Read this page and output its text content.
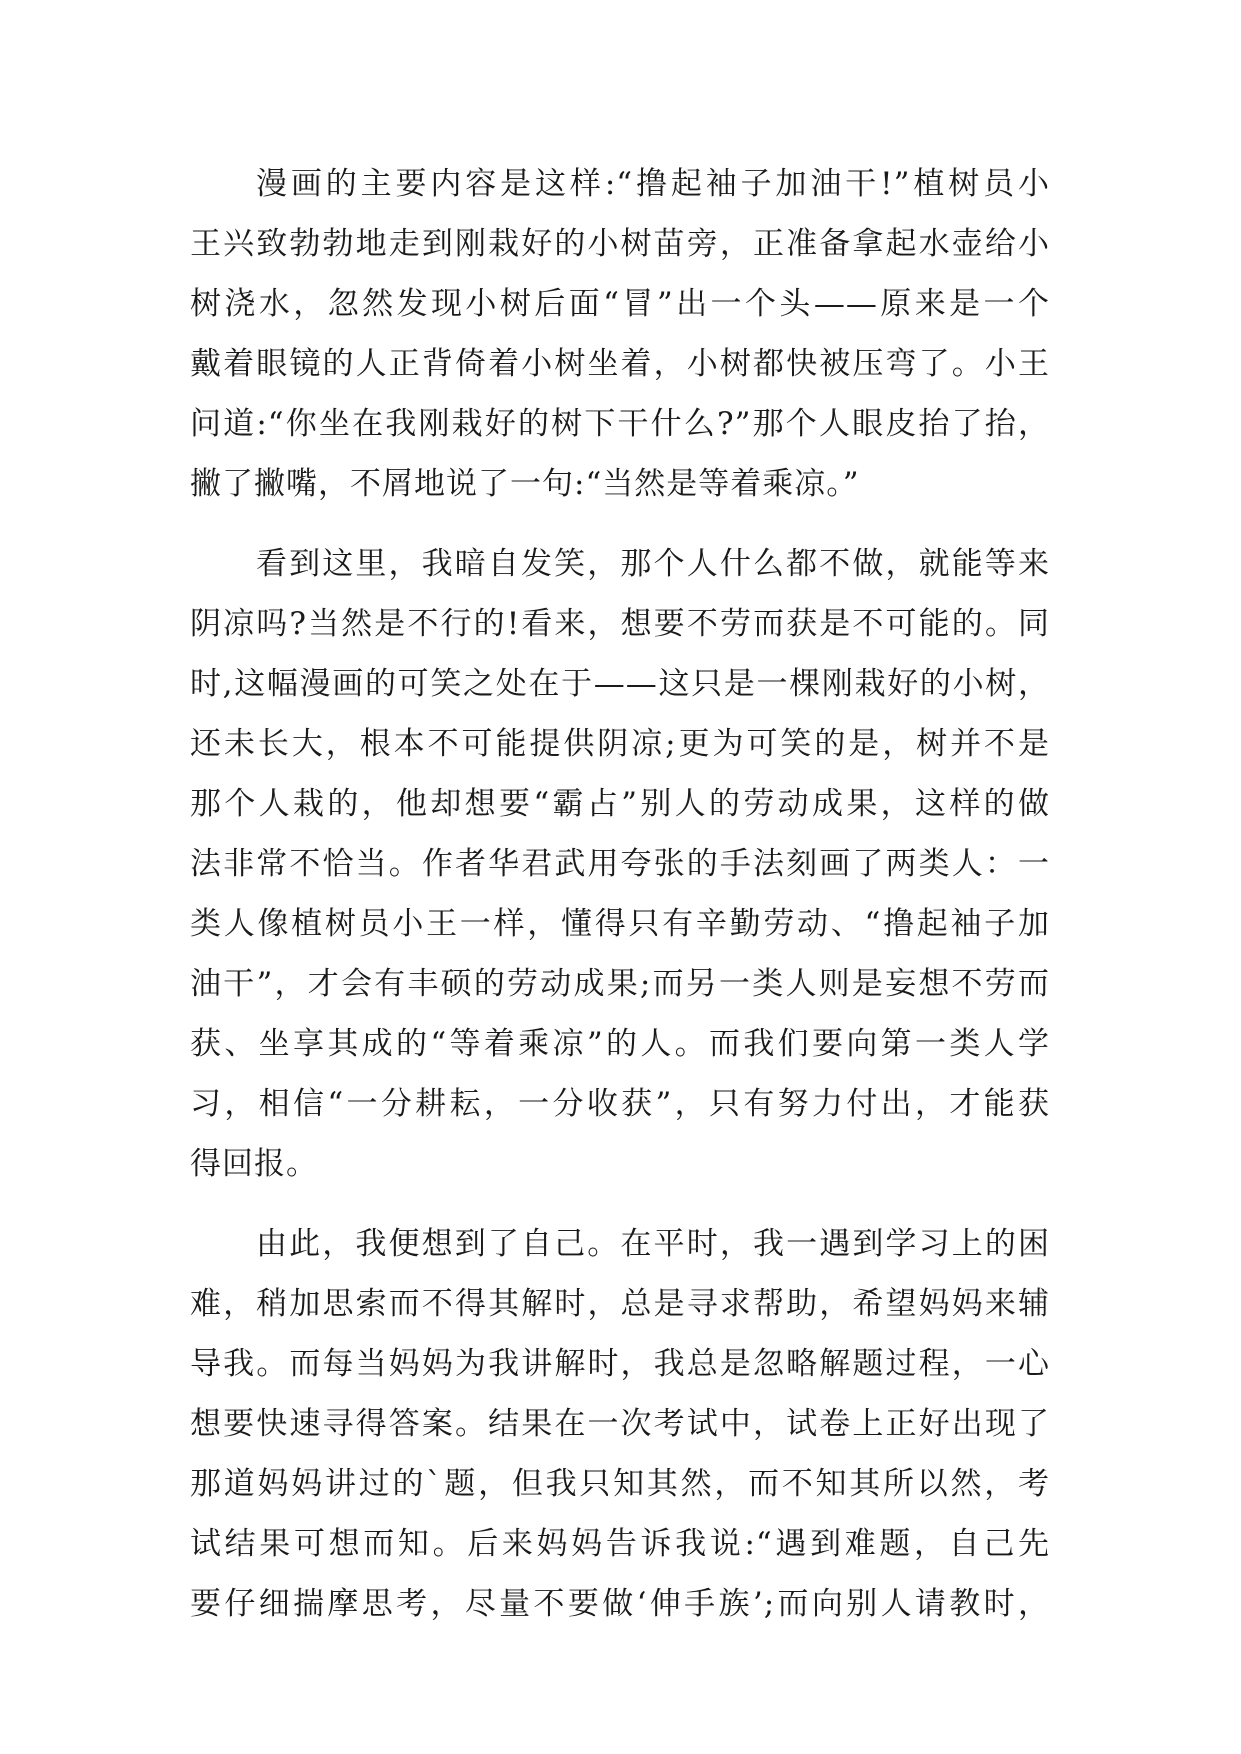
漫画的主要内容是这样:“撸起袖子加油干!”植树员小
王兴致勃勃地走到刚栽好的小树苗旁，正准备拿起水壶给小
树浇水，忽然发现小树后面“冒”出一个头——原来是一个
戴着眼镜的人正背倚着小树坐着，小树都快被压弯了。小王
问道:“你坐在我刚栽好的树下干什么?”那个人眼皮抬了抬，
撇了撇嘴，不屑地说了一句:“当然是等着乘凉。”
看到这里，我暗自发笑，那个人什么都不做，就能等来
阴凉吗?当然是不行的!看来，想要不劳而获是不可能的。同
时,这幅漫画的可笑之处在于——这只是一棵刚栽好的小树，
还未长大，根本不可能提供阴凉;更为可笑的是，树并不是
那个人栽的，他却想要“霸占”别人的劳动成果，这样的做
法非常不恰当。作者华君武用夸张的手法刻画了两类人：一
类人像植树员小王一样，懂得只有辛勤劳动、“撸起袖子加
油干”，才会有丰硕的劳动成果;而另一类人则是妄想不劳而
获、坐享其成的“等着乘凉”的人。而我们要向第一类人学
习，相信“一分耕耘，一分收获”，只有努力付出，才能获
得回报。
由此，我便想到了自己。在平时，我一遇到学习上的困
难，稍加思索而不得其解时，总是寻求帮助，希望妈妈来辅
导我。而每当妈妈为我讲解时，我总是忽略解题过程，一心
想要快速寻得答案。结果在一次考试中，试卷上正好出现了
那道妈妈讲过的`题，但我只知其然，而不知其所以然，考
试结果可想而知。后来妈妈告诉我说:“遇到难题，自己先
要仔细揣摩思考，尽量不要做‘伸手族’;而向别人请教时，
